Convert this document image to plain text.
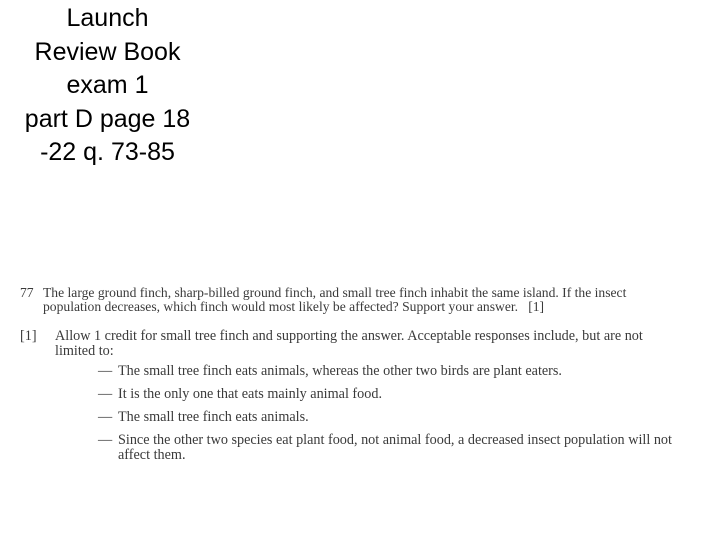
Launch
Review Book
exam 1
part D page 18
-22 q. 73-85
77 The large ground finch, sharp-billed ground finch, and small tree finch inhabit the same island. If the insect population decreases, which finch would most likely be affected? Support your answer. [1]
[1]	Allow 1 credit for small tree finch and supporting the answer. Acceptable responses include, but are not limited to:
— The small tree finch eats animals, whereas the other two birds are plant eaters.
— It is the only one that eats mainly animal food.
— The small tree finch eats animals.
— Since the other two species eat plant food, not animal food, a decreased insect population will not affect them.
